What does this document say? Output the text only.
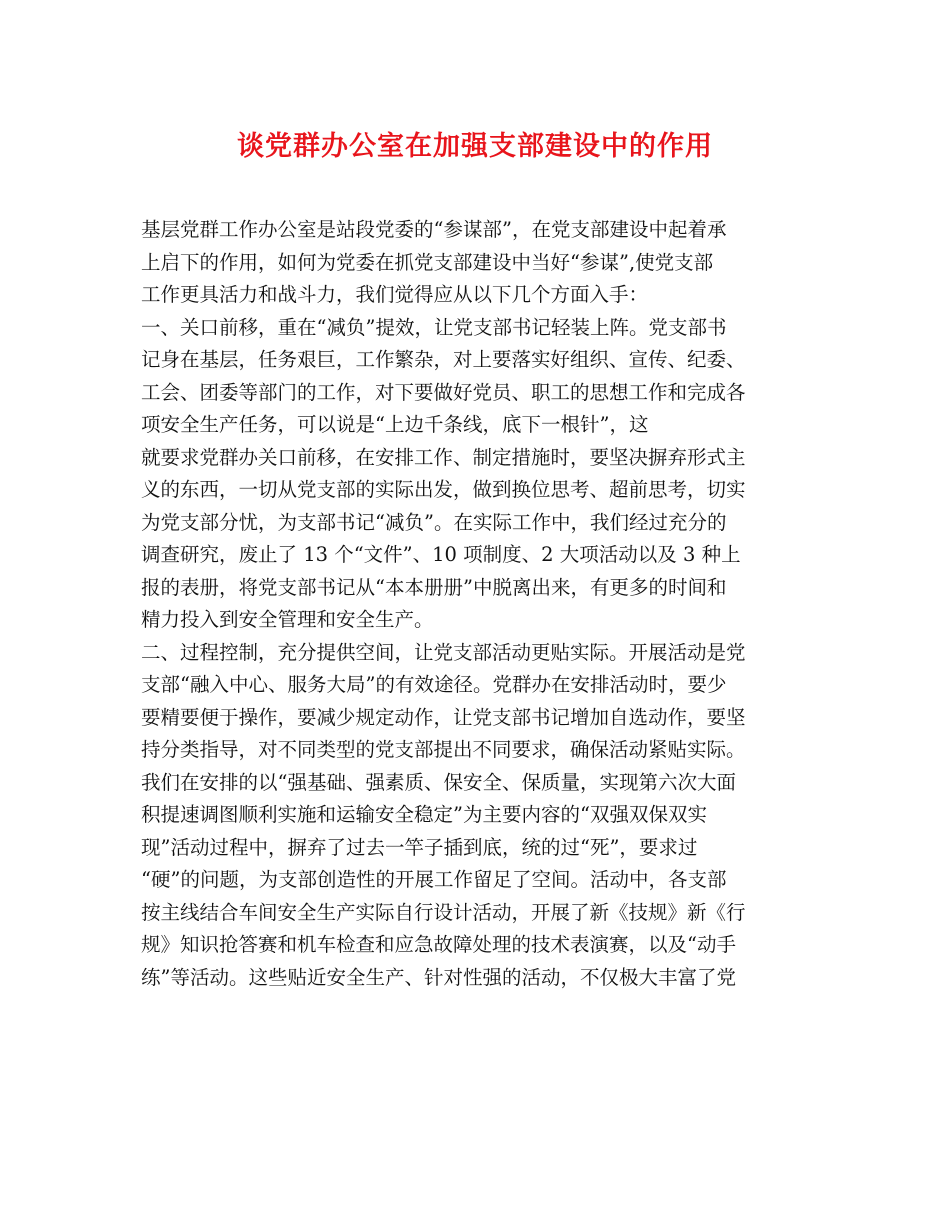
谈党群办公室在加强支部建设中的作用
基层党群工作办公室是站段党委的“参谋部”，在党支部建设中起着承
上启下的作用，如何为党委在抓党支部建设中当好“参谋”,使党支部
工作更具活力和战斗力，我们觉得应从以下几个方面入手：
一、关口前移，重在“减负”提效，让党支部书记轻装上阵。党支部书
记身在基层，任务艰巨，工作繁杂，对上要落实好组织、宣传、纪委、
工会、团委等部门的工作，对下要做好党员、职工的思想工作和完成各
项安全生产任务，可以说是“上边千条线，底下一根针”，这
就要求党群办关口前移，在安排工作、制定措施时，要坚决摒弃形式主
义的东西，一切从党支部的实际出发，做到换位思考、超前思考，切实
为党支部分忧，为支部书记“减负”。在实际工作中，我们经过充分的
调查研究，废止了 13 个“文件”、10 项制度、2 大项活动以及 3 种上
报的表册，将党支部书记从“本本册册”中脱离出来，有更多的时间和
精力投入到安全管理和安全生产。
二、过程控制，充分提供空间，让党支部活动更贴实际。开展活动是党
支部“融入中心、服务大局”的有效途径。党群办在安排活动时，要少
要精要便于操作，要减少规定动作，让党支部书记增加自选动作，要坚
持分类指导，对不同类型的党支部提出不同要求，确保活动紧贴实际。
我们在安排的以“强基础、强素质、保安全、保质量，实现第六次大面
积提速调图顺利实施和运输安全稳定”为主要内容的“双强双保双实
现”活动过程中，摒弃了过去一竿子插到底，统的过“死”，要求过
“硬”的问题，为支部创造性的开展工作留足了空间。活动中，各支部
按主线结合车间安全生产实际自行设计活动，开展了新《技规》新《行
规》知识抢答赛和机车检查和应急故障处理的技术表演赛，以及“动手
练”等活动。这些贴近安全生产、针对性强的活动，不仅极大丰富了党
